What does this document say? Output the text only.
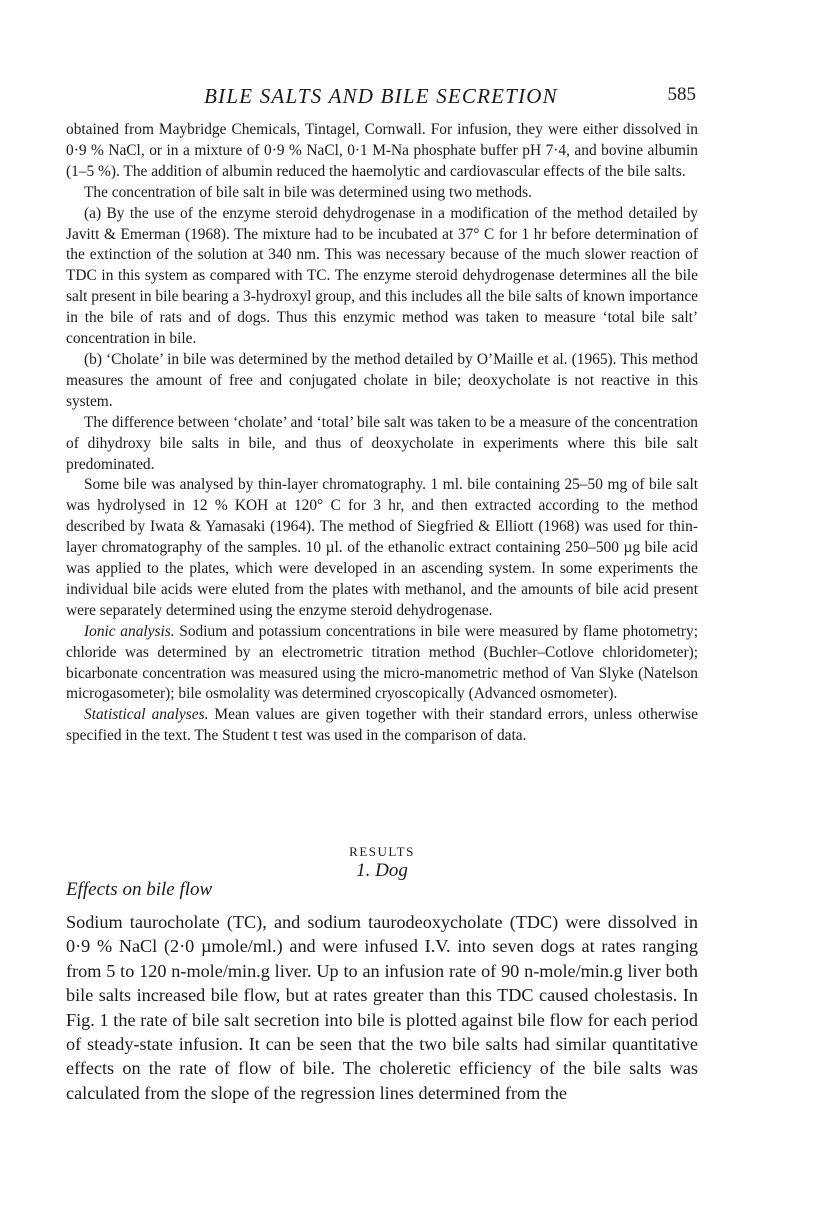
BILE SALTS AND BILE SECRETION	585

obtained from Maybridge Chemicals, Tintagel, Cornwall. For infusion, they were either dissolved in 0·9 % NaCl, or in a mixture of 0·9 % NaCl, 0·1 M-Na phosphate buffer pH 7·4, and bovine albumin (1–5 %). The addition of albumin reduced the haemolytic and cardiovascular effects of the bile salts.

The concentration of bile salt in bile was determined using two methods.

(a) By the use of the enzyme steroid dehydrogenase in a modification of the method detailed by Javitt & Emerman (1968). The mixture had to be incubated at 37° C for 1 hr before determination of the extinction of the solution at 340 nm. This was necessary because of the much slower reaction of TDC in this system as compared with TC. The enzyme steroid dehydrogenase determines all the bile salt present in bile bearing a 3-hydroxyl group, and this includes all the bile salts of known importance in the bile of rats and of dogs. Thus this enzymic method was taken to measure ‘total bile salt’ concentration in bile.

(b) ‘Cholate’ in bile was determined by the method detailed by O’Maille et al. (1965). This method measures the amount of free and conjugated cholate in bile; deoxycholate is not reactive in this system.

The difference between ‘cholate’ and ‘total’ bile salt was taken to be a measure of the concentration of dihydroxy bile salts in bile, and thus of deoxycholate in experiments where this bile salt predominated.

Some bile was analysed by thin-layer chromatography. 1 ml. bile containing 25–50 mg of bile salt was hydrolysed in 12 % KOH at 120° C for 3 hr, and then extracted according to the method described by Iwata & Yamasaki (1964). The method of Siegfried & Elliott (1968) was used for thin-layer chromatography of the samples. 10 µl. of the ethanolic extract containing 250–500 µg bile acid was applied to the plates, which were developed in an ascending system. In some experiments the individual bile acids were eluted from the plates with methanol, and the amounts of bile acid present were separately determined using the enzyme steroid dehydrogenase.

Ionic analysis. Sodium and potassium concentrations in bile were measured by flame photometry; chloride was determined by an electrometric titration method (Buchler–Cotlove chloridometer); bicarbonate concentration was measured using the micro-manometric method of Van Slyke (Natelson microgasometer); bile osmolality was determined cryoscopically (Advanced osmometer).

Statistical analyses. Mean values are given together with their standard errors, unless otherwise specified in the text. The Student t test was used in the comparison of data.

RESULTS
1. Dog
Effects on bile flow

Sodium taurocholate (TC), and sodium taurodeoxycholate (TDC) were dissolved in 0·9 % NaCl (2·0 µmole/ml.) and were infused I.V. into seven dogs at rates ranging from 5 to 120 n-mole/min.g liver. Up to an infusion rate of 90 n-mole/min.g liver both bile salts increased bile flow, but at rates greater than this TDC caused cholestasis. In Fig. 1 the rate of bile salt secretion into bile is plotted against bile flow for each period of steady-state infusion. It can be seen that the two bile salts had similar quantitative effects on the rate of flow of bile. The choleretic efficiency of the bile salts was calculated from the slope of the regression lines determined from the
